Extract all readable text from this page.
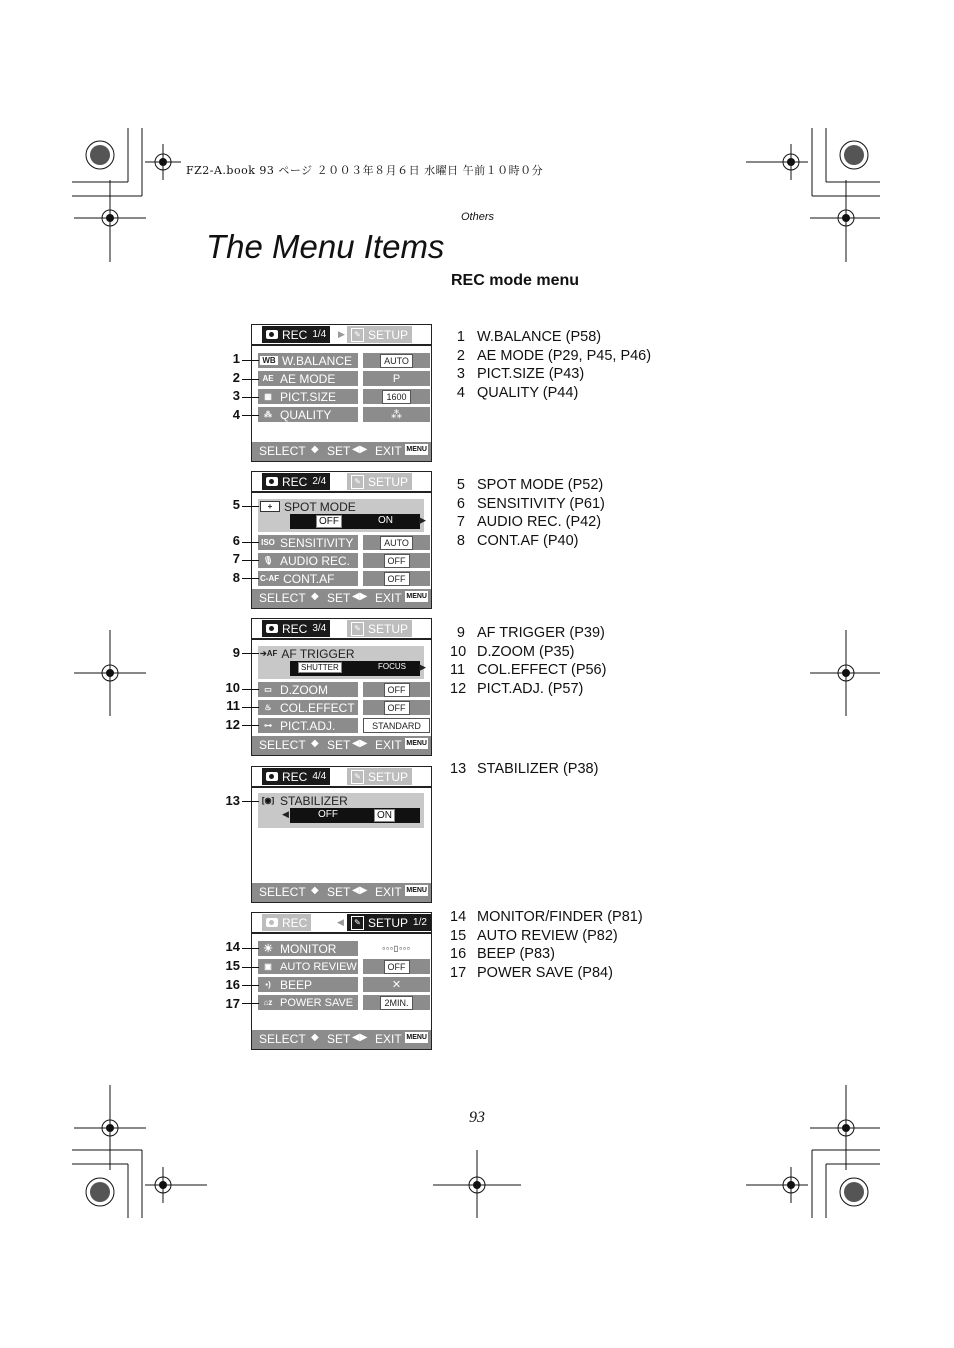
FZ2-A.book 93 ページ ２００３年８月６日 水曜日 午前１０時０分
Others
The Menu Items
REC mode menu
93
REC 1/4 ▶	✎ SETUP
WB W.BALANCE	AUTO
AE AE MODE	P
▦ PICT.SIZE	1600
⁂ QUALITY	⁂
SELECT ◆ SET ◀▶ EXIT MENU
REC 2/4	✎ SETUP
+ SPOT MODE
OFF	ON	▶
ISO SENSITIVITY	AUTO
🎙 AUDIO REC.	OFF
C-AF CONT.AF	OFF
SELECT ◆ SET ◀▶ EXIT MENU
REC 3/4	✎ SETUP
➔AF AF TRIGGER
SHUTTER	FOCUS ▶
▭ D.ZOOM	OFF
♨ COL.EFFECT	OFF
⊶ PICT.ADJ.	STANDARD
SELECT ◆ SET ◀▶ EXIT MENU
REC 4/4	✎ SETUP
[◉] STABILIZER
◀	OFF	ON
SELECT ◆ SET ◀▶ EXIT MENU
REC	◀	✎ SETUP 1/2
☀ MONITOR	▫▫▫▯▫▫▫
▣ AUTO REVIEW	OFF
▪) BEEP	✕
⌂z POWER SAVE	2MIN.
SELECT ◆ SET ◀▶ EXIT MENU
1
2
3
4
5
6
7
8
9
10
11
12
13
14
15
16
17
1 W.BALANCE (P58)
2 AE MODE (P29, P45, P46)
3 PICT.SIZE (P43)
4 QUALITY (P44)
5 SPOT MODE (P52)
6 SENSITIVITY (P61)
7 AUDIO REC. (P42)
8 CONT.AF (P40)
9 AF TRIGGER (P39)
10 D.ZOOM (P35)
11 COL.EFFECT (P56)
12 PICT.ADJ. (P57)
13 STABILIZER (P38)
14 MONITOR/FINDER (P81)
15 AUTO REVIEW (P82)
16 BEEP (P83)
17 POWER SAVE (P84)
